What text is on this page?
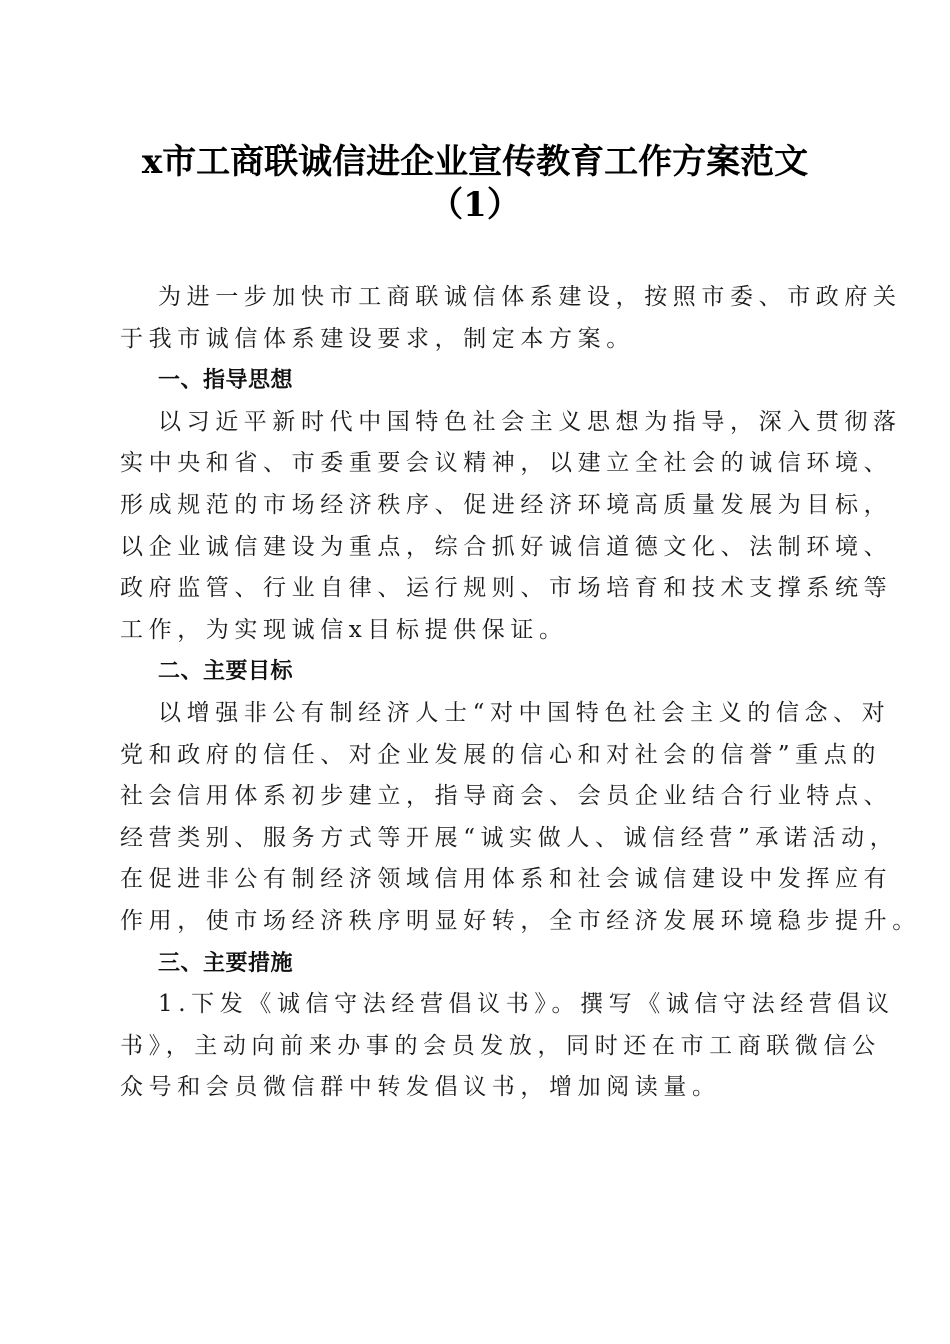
x市工商联诚信进企业宣传教育工作方案范文
（1）

为进一步加快市工商联诚信体系建设，按照市委、市政府关
于我市诚信体系建设要求，制定本方案。

一、指导思想

以习近平新时代中国特色社会主义思想为指导，深入贯彻落
实中央和省、市委重要会议精神，以建立全社会的诚信环境、
形成规范的市场经济秩序、促进经济环境高质量发展为目标，
以企业诚信建设为重点，综合抓好诚信道德文化、法制环境、
政府监管、行业自律、运行规则、市场培育和技术支撑系统等
工作，为实现诚信x目标提供保证。

二、主要目标

以增强非公有制经济人士“对中国特色社会主义的信念、对
党和政府的信任、对企业发展的信心和对社会的信誉”重点的
社会信用体系初步建立，指导商会、会员企业结合行业特点、
经营类别、服务方式等开展“诚实做人、诚信经营”承诺活动，
在促进非公有制经济领域信用体系和社会诚信建设中发挥应有
作用，使市场经济秩序明显好转，全市经济发展环境稳步提升。

三、主要措施

1.下发《诚信守法经营倡议书》。撰写《诚信守法经营倡议
书》，主动向前来办事的会员发放，同时还在市工商联微信公
众号和会员微信群中转发倡议书，增加阅读量。
